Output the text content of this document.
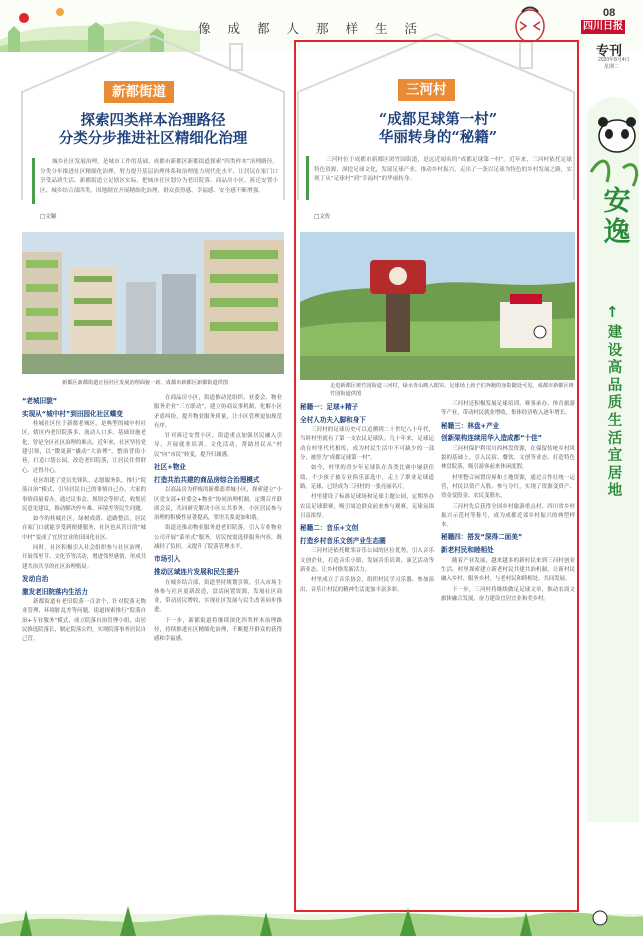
像成都人那样生活
08
四川日报
专刊
2020年8月4日
星期二
新都街道
探索四类样本治理路径
分类分步推进社区精细化治理
城乡社区发展治理，是城市工作的基础。成都市新都区新都街道探索“四类样本”治理路径，分类分步推进社区精细化治理，努力提升基层治理体系和治理能力现代化水平，让居民在家门口享受品质生活。新都街道立足辖区实际，把城市社区划分为老旧院落、商品房小区、拆迁安置小区、城乡结合部四类，因地制宜开展精细化治理，群众获得感、幸福感、安全感不断增强。
□文颖
新都区新都街道正因社区发展治理面貌一新。成都市新都区新都街道供图
“老城旧貌”
实现从“城中村”到田园化社区蝶变
桂城社区位于新都老城区，是典型的城中村社区，辖区内老旧院落多、流动人口多、基础设施老化，曾是全区社区治理的难点。近年来，社区坚持党建引领，以“微更新”撬动“大治理”，整治背街小巷，打造口袋公园，改造老旧院落，让居民住得舒心、过得开心。
社区组建了党员先锋队、志愿服务队，推行“院落自治”模式，引导居民自己的事情自己办、大家的事情商量着办。通过议事会、坝坝会等形式，收集居民意见建议，推动解决停车难、环境差等民生问题。
如今的桂城社区，绿树成荫、道路整洁，居民在家门口就能享受到便捷服务，社区也从昔日的“城中村”变成了宜居宜业的田园化社区。
同时，社区积极引入社会组织参与社区治理，开展邻里节、文化节等活动，增进邻里感情，形成共建共治共享的社区治理格局。
发动自治
激发老旧院落内生活力
新都街道有老旧院落一百余个，针对院落无物业管理、环境脏乱差等问题，街道探索推行“院落自治+专业服务”模式，成立院落自治管理小组，由居民推选院落长，制定院落公约，实现院落事务居民自己管。
在商品房小区，街道推动党组织、业委会、物业服务企业“三方联动”，建立协商议事机制，化解小区矛盾纠纷，提升物业服务质量，让小区管理更加规范有序。
针对拆迁安置小区，街道重点加强居民融入引导，开展就业培训、文化活动，帮助居民从“村民”向“市民”转变，提升归属感。
社区+物业
打造共治共建的商品房综合治理模式
以商品房为样板的新都翡翠城小区，探索建立“小区党支部+业委会+物业”协同治理机制，定期召开联席会议，共同研究解决小区公共事务。小区居民参与治理的积极性显著提高，邻里关系更加和谐。
街道还推动物业服务进老旧院落，引入专业物业公司开展“菜单式”服务，居民按需选择服务内容，既减轻了负担，又提升了院落管理水平。
市场引入
推动区域连片发展和民生提升
在城乡结合部，街道坚持规划引领，引入市场主体参与社区更新改造，盘活闲置资源，发展社区商业，带动居民增收，实现社区发展与民生改善同步推进。
下一步，新都街道将继续深化四类样本治理路径，持续推进社区精细化治理，不断提升群众的获得感和幸福感。
三河村
“成都足球第一村”
华丽转身的“秘籍”
三河村位于成都市新都区斑竹园街道，是远近闻名的“成都足球第一村”。近年来，三河村依托足球特色资源，深挖足球文化，发展足球产业，推动乡村振兴，走出了一条以足球为特色的乡村发展之路，实现了从“足球村”到“幸福村”的华丽转身。
□文佐
走进新都区斑竹园街道三河村，绿水青山映入眼帘，足球场上孩子们奔跑的身影随处可见。成都市新都区斑竹园街道供图
秘籍一：足球+精子
全村人功夫入脚和身下
三河村的足球历史可以追溯到二十世纪八十年代，当时村里就有了第一支农民足球队。几十年来，足球运动在村里代代相传，成为村民生活中不可缺少的一部分，被誉为“成都足球第一村”。
如今，村里的青少年足球队在各类比赛中屡获佳绩，不少孩子被专业俱乐部选中，走上了职业足球道路。足球，已经成为三河村的一张亮丽名片。
村里建设了标准足球场和足球主题公园，定期举办农民足球联赛，吸引周边群众前来参与观赛，足球氛围日益浓厚。
秘籍二：音乐+文创
打造乡村音乐文创产业生态圈
三河村还依托毗邻音乐公园的区位优势，引入音乐文创企业，打造音乐小镇，发展音乐培训、演艺活动等新业态，让乡村焕发新活力。
村里成立了音乐协会，组织村民学习乐器、参加演出，音乐让村民的精神生活更加丰富多彩。
三河村还积极发展足球培训、赛事承办、体育旅游等产业，带动村民就业增收，集体经济收入逐年增长。
秘籍三：林盘+产业
创新架构连续用华入造成都“十佳”
三河村保护利用川西林盘资源，在保留传统乡村风貌的基础上，引入民宿、餐饮、文创等业态，打造特色林盘院落，吸引游客前来休闲度假。
村里整合闲置房屋和土地资源，通过合作社统一运营，村民以资产入股、参与分红，实现了资源变资产、资金变股金、农民变股东。
三河村先后获得全国乡村旅游重点村、四川省乡村振兴示范村等称号，成为成都近郊乡村振兴的典型样本。
秘籍四：搭发“深得二面美”
新老村民和睦相处
随着产业发展，越来越多的新村民来到三河村创业生活。村里探索建立新老村民共建共治机制，让新村民融入乡村、服务乡村，与老村民和睦相处、共同发展。
下一步，三河村将继续做足足球文章，推动农商文旅体融合发展，奋力建设宜居宜业和美乡村。
安逸
↑
建设高品质生活宜居地
